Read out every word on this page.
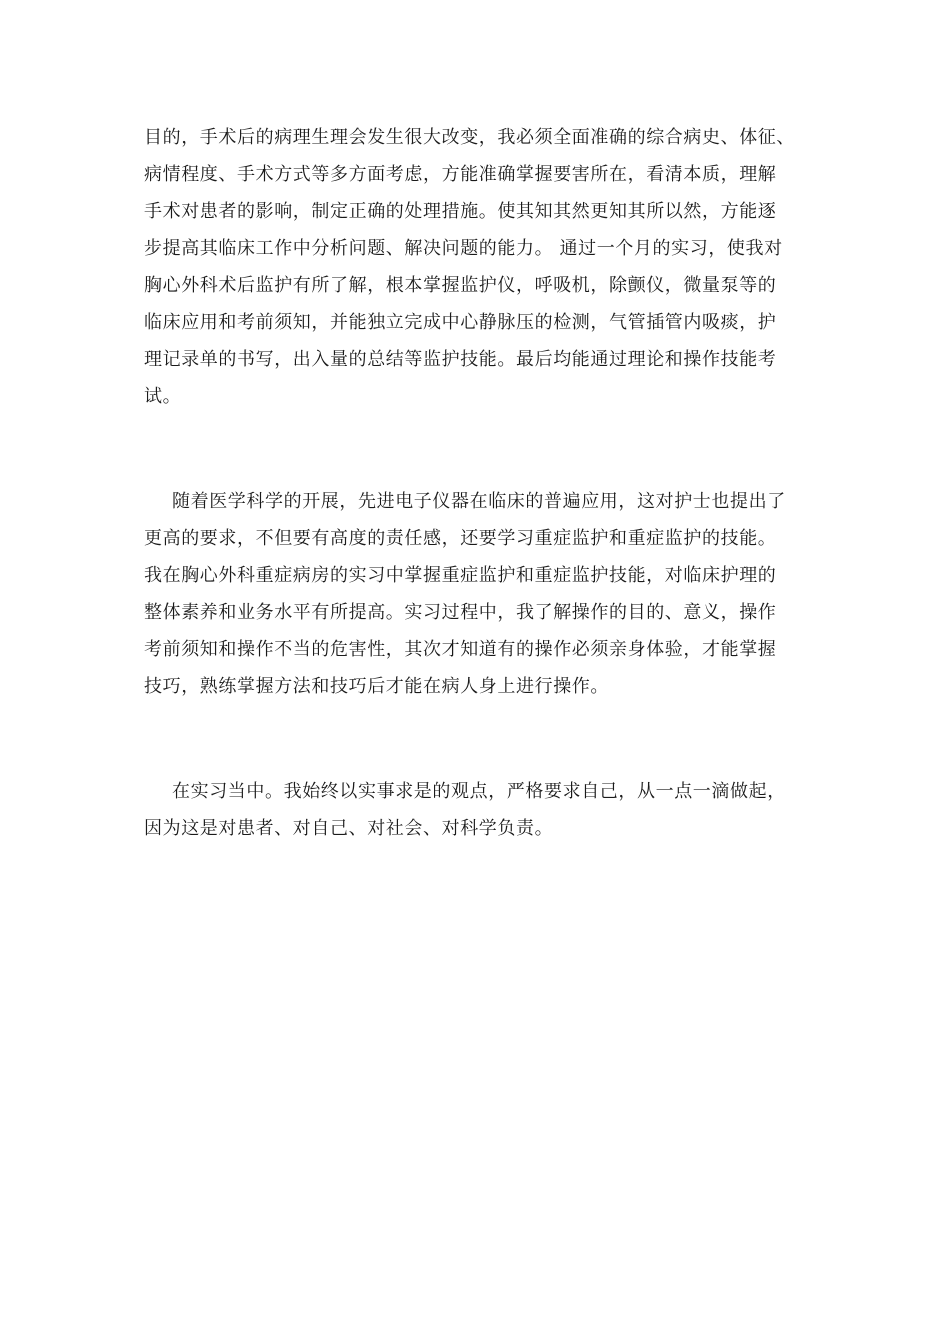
目的，手术后的病理生理会发生很大改变，我必须全面准确的综合病史、体征、

病情程度、手术方式等多方面考虑，方能准确掌握要害所在，看清本质，理解

手术对患者的影响，制定正确的处理措施。使其知其然更知其所以然，方能逐

步提高其临床工作中分析问题、解决问题的能力。 通过一个月的实习，使我对

胸心外科术后监护有所了解，根本掌握监护仪，呼吸机，除颤仪，微量泵等的

临床应用和考前须知，并能独立完成中心静脉压的检测，气管插管内吸痰，护

理记录单的书写，出入量的总结等监护技能。最后均能通过理论和操作技能考

试。

随着医学科学的开展，先进电子仪器在临床的普遍应用，这对护士也提出了

更高的要求，不但要有高度的责任感，还要学习重症监护和重症监护的技能。

我在胸心外科重症病房的实习中掌握重症监护和重症监护技能，对临床护理的

整体素养和业务水平有所提高。实习过程中，我了解操作的目的、意义，操作

考前须知和操作不当的危害性，其次才知道有的操作必须亲身体验，才能掌握

技巧，熟练掌握方法和技巧后才能在病人身上进行操作。

在实习当中。我始终以实事求是的观点，严格要求自己，从一点一滴做起，

因为这是对患者、对自己、对社会、对科学负责。
